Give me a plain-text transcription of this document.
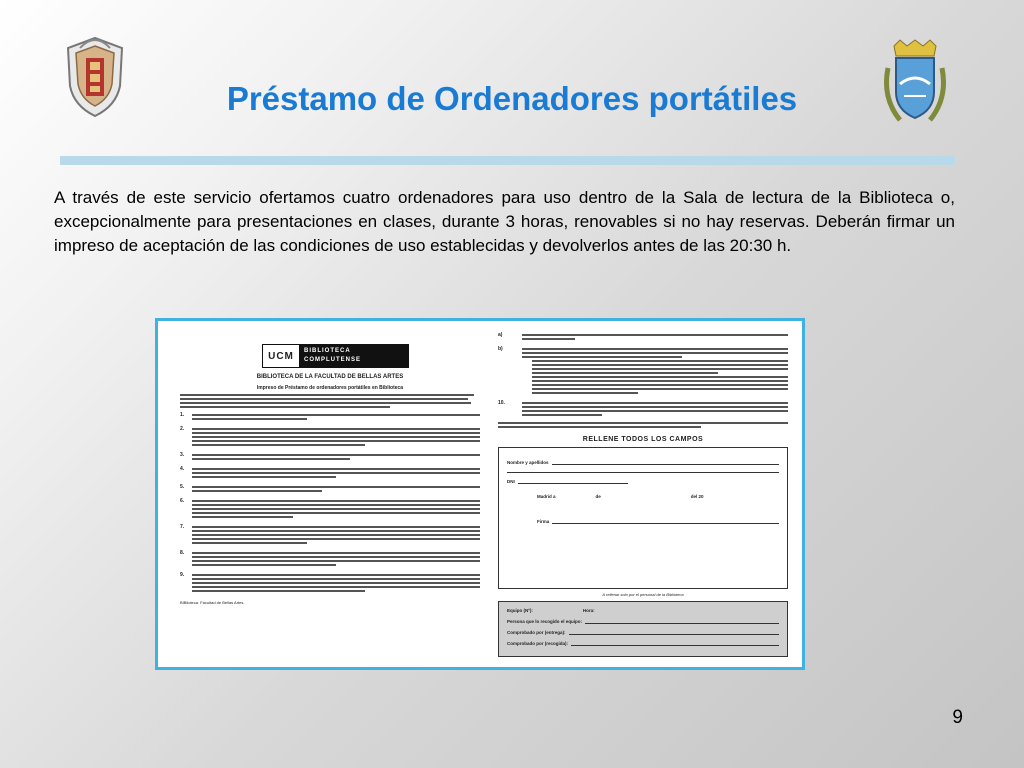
Préstamo de Ordenadores portátiles

A través de este servicio ofertamos cuatro ordenadores para uso dentro de la Sala de lectura de la Biblioteca o, excepcionalmente para presentaciones en clases, durante 3 horas, renovables si no hay reservas. Deberán firmar un impreso de aceptación de las condiciones de uso establecidas y devolverlos antes de las 20:30 h.

UCM	BIBLIOTECA
COMPLUTENSE
BIBLIOTECA DE LA FACULTAD DE BELLAS ARTES
Impreso de Préstamo de ordenadores portátiles en Biblioteca
1.
2.
3.
4.
5.
6.
7.
8.
9.
BIBlioteca. Facultad de Bellas Artes.
a)
b)
10.
RELLENE TODOS LOS CAMPOS
Nombre y apellidos
DNI
Madrid a	de	del 20
Firma
A rellenar solo por el personal de la Biblioteca
Equipo (Nº):	Hora:
Persona que lo recogido el equipo:
Comprobado por (entrega):
Comprobado por (recogida):
9
